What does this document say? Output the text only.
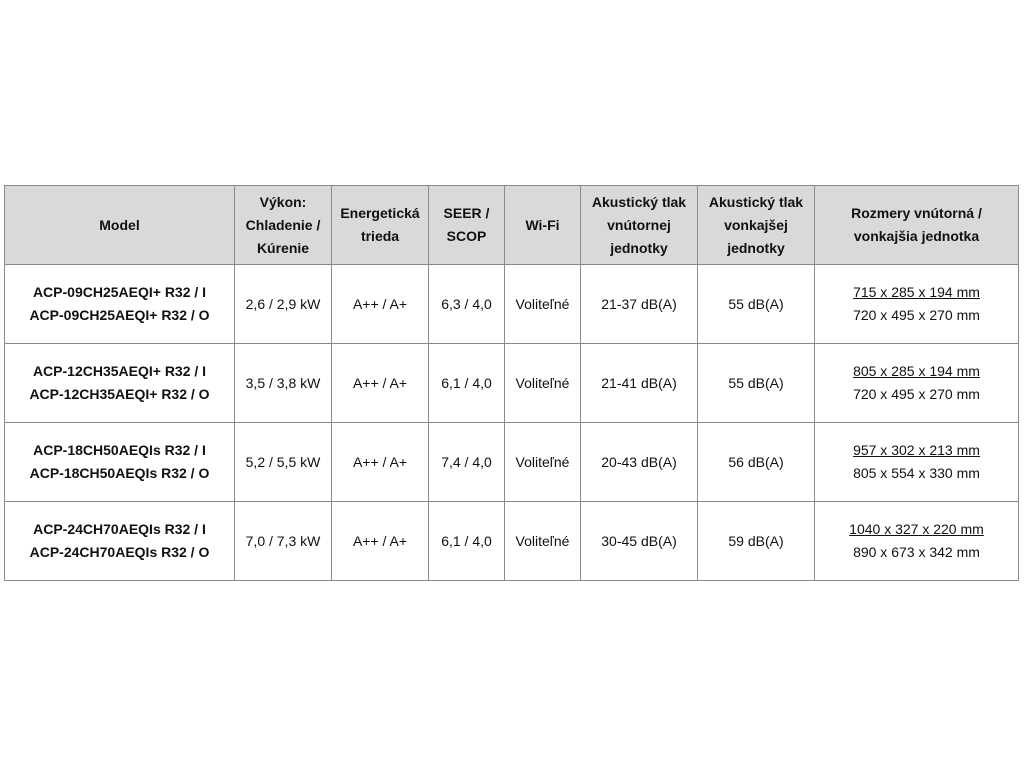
Model	Výkon:
Chladenie /
Kúrenie	Energetická
trieda	SEER /
SCOP	Wi-Fi	Akustický tlak
vnútornej
jednotky	Akustický tlak
vonkajšej
jednotky	Rozmery vnútorná /
vonkajšia jednotka

ACP-09CH25AEQI+ R32 / I
ACP-09CH25AEQI+ R32 / O	2,6 / 2,9 kW	A++ / A+	6,3 / 4,0	Voliteľné	21-37 dB(A)	55 dB(A)	715 x 285 x 194 mm
720 x 495 x 270 mm

ACP-12CH35AEQI+ R32 / I
ACP-12CH35AEQI+ R32 / O	3,5 / 3,8 kW	A++ / A+	6,1 / 4,0	Voliteľné	21-41 dB(A)	55 dB(A)	805 x 285 x 194 mm
720 x 495 x 270 mm

ACP-18CH50AEQIs R32 / I
ACP-18CH50AEQIs R32 / O	5,2 / 5,5 kW	A++ / A+	7,4 / 4,0	Voliteľné	20-43 dB(A)	56 dB(A)	957 x 302 x 213 mm
805 x 554 x 330 mm

ACP-24CH70AEQIs R32 / I
ACP-24CH70AEQIs R32 / O	7,0 / 7,3 kW	A++ / A+	6,1 / 4,0	Voliteľné	30-45 dB(A)	59 dB(A)	1040 x 327 x 220 mm
890 x 673 x 342 mm
